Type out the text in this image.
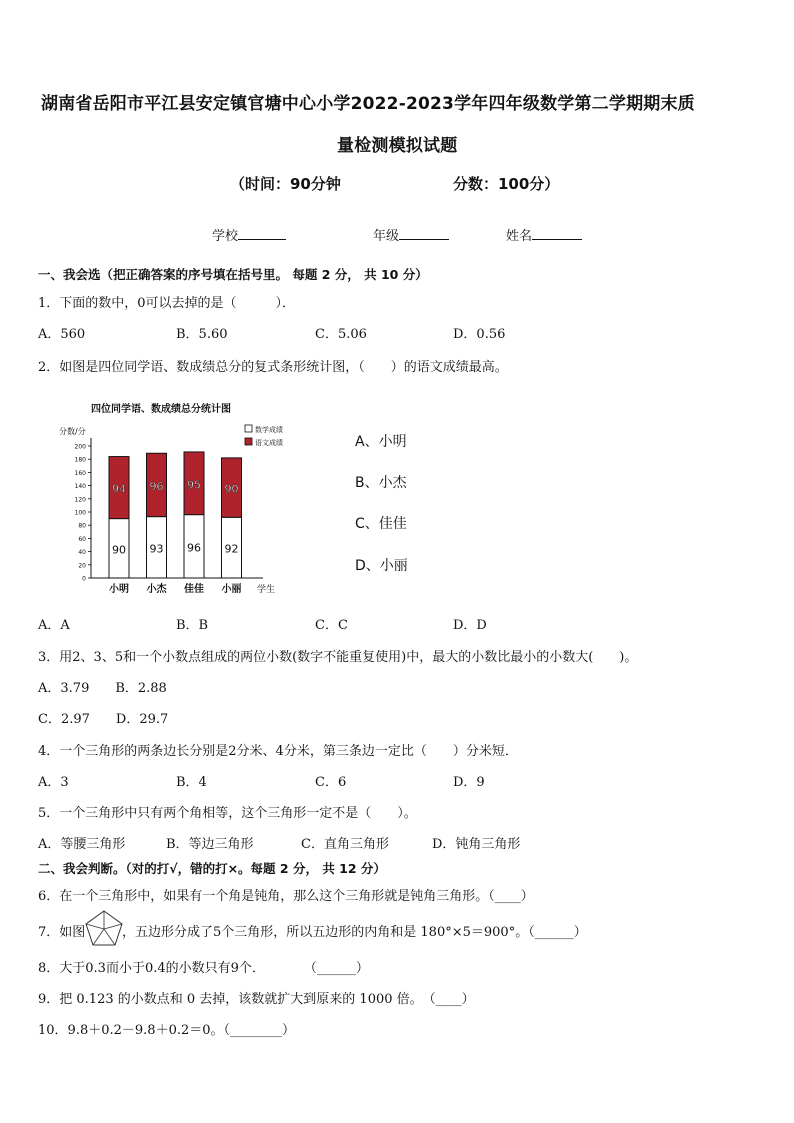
湖南省岳阳市平江县安定镇官塘中心小学2022-2023学年四年级数学第二学期期末质
量检测模拟试题
（时间：90分钟	分数：100分）
学校	年级	姓名
一、我会选（把正确答案的序号填在括号里。 每题 2 分， 共 10 分）
1．下面的数中，0可以去掉的是（　　　）．
A．560	B．5.60	C．5.06	D．0.56
2．如图是四位同学语、数成绩总分的复式条形统计图，（　　）的语文成绩最高。
四位同学语、数成绩总分统计图
分数/分	数学成绩
语文成绩
200
180
160
140
120
100
80
60
40
20
0
90
94
93
96
96
95
92
90
小明 小杰 佳佳 小丽 学生
A、小明
B、小杰
C、佳佳
D、小丽
A．A	B．B	C．C	D．D
3．用2、3、5和一个小数点组成的两位小数(数字不能重复使用)中，最大的小数比最小的小数大(　　)。
A．3.79　　B．2.88
C．2.97　　D．29.7
4．一个三角形的两条边长分别是2分米、4分米，第三条边一定比（　　）分米短．
A．3	B．4	C．6	D．9
5．一个三角形中只有两个角相等，这个三角形一定不是（　　）。
A．等腰三角形	B．等边三角形	C．直角三角形	D．钝角三角形
二、我会判断。（对的打√，错的打×。每题 2 分， 共 12 分）
6．在一个三角形中，如果有一个角是钝角，那么这个三角形就是钝角三角形。（____）
7．如图	，五边形分成了5个三角形，所以五边形的内角和是 180°×5＝900°。（______）
8．大于0.3而小于0.4的小数只有9个．　　　　（______）
9．把 0.123 的小数点和 0 去掉，该数就扩大到原来的 1000 倍。　（____）
10．9.8＋0.2－9.8＋0.2＝0。（________）
